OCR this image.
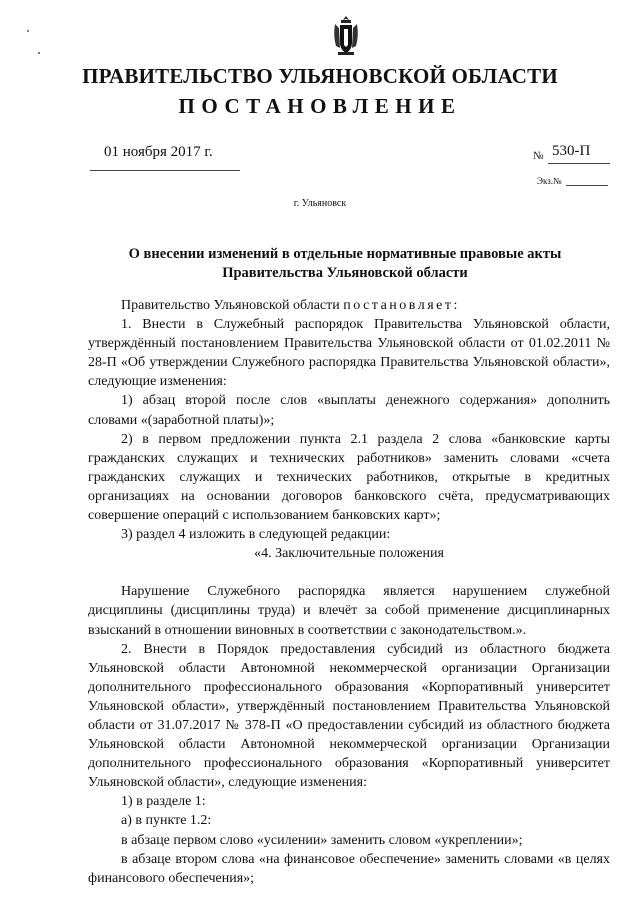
ПРАВИТЕЛЬСТВО УЛЬЯНОВСКОЙ ОБЛАСТИ
ПОСТАНОВЛЕНИЕ
01 ноября 2017 г.	№ 530-П
Экз.№
г. Ульяновск
О внесении изменений в отдельные нормативные правовые акты
Правительства Ульяновской области

Правительство Ульяновской области постановляет:

1. Внести в Служебный распорядок Правительства Ульяновской области, утверждённый постановлением Правительства Ульяновской области от 01.02.2011 № 28-П «Об утверждении Служебного распорядка Правительства Ульяновской области», следующие изменения:

1) абзац второй после слов «выплаты денежного содержания» дополнить словами «(заработной платы)»;

2) в первом предложении пункта 2.1 раздела 2 слова «банковские карты гражданских служащих и технических работников» заменить словами «счета гражданских служащих и технических работников, открытые в кредитных организациях на основании договоров банковского счёта, предусматривающих совершение операций с использованием банковских карт»;

3) раздел 4 изложить в следующей редакции:

«4. Заключительные положения

Нарушение Служебного распорядка является нарушением служебной дисциплины (дисциплины труда) и влечёт за собой применение дисциплинарных взысканий в отношении виновных в соответствии с законодательством.».

2. Внести в Порядок предоставления субсидий из областного бюджета Ульяновской области Автономной некоммерческой организации Организации дополнительного профессионального образования «Корпоративный университет Ульяновской области», утверждённый постановлением Правительства Ульяновской области от 31.07.2017 № 378-П «О предоставлении субсидий из областного бюджета Ульяновской области Автономной некоммерческой организации Организации дополнительного профессионального образования «Корпоративный университет Ульяновской области», следующие изменения:

1) в разделе 1:

а) в пункте 1.2:

в абзаце первом слово «усилении» заменить словом «укреплении»;

в абзаце втором слова «на финансовое обеспечение» заменить словами «в целях финансового обеспечения»;
